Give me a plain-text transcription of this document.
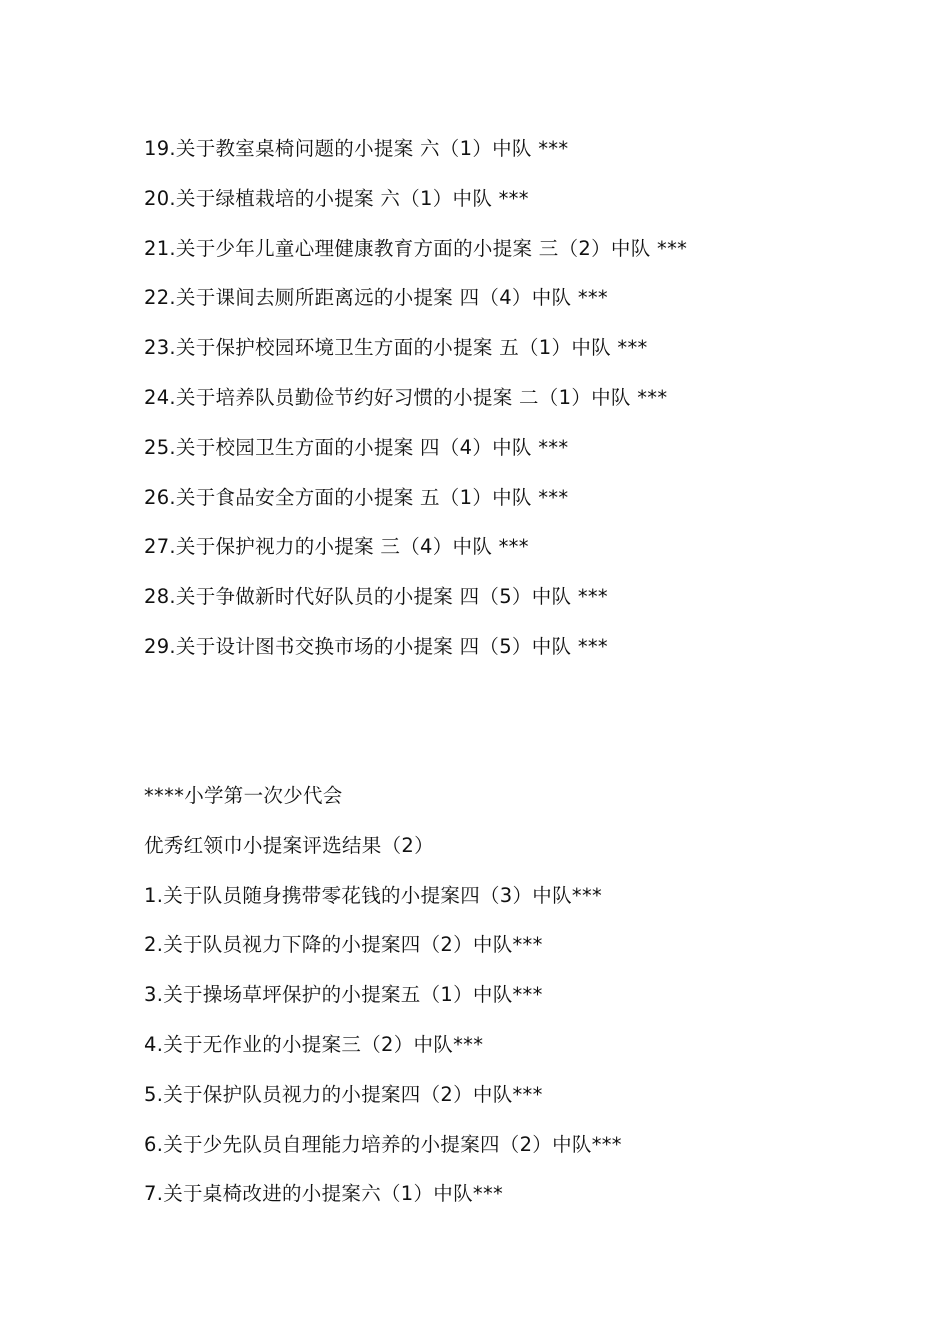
19.关于教室桌椅问题的小提案 六（1）中队 ***
20.关于绿植栽培的小提案 六（1）中队 ***
21.关于少年儿童心理健康教育方面的小提案 三（2）中队 ***
22.关于课间去厕所距离远的小提案 四（4）中队 ***
23.关于保护校园环境卫生方面的小提案 五（1）中队 ***
24.关于培养队员勤俭节约好习惯的小提案 二（1）中队 ***
25.关于校园卫生方面的小提案 四（4）中队 ***
26.关于食品安全方面的小提案 五（1）中队 ***
27.关于保护视力的小提案 三（4）中队 ***
28.关于争做新时代好队员的小提案 四（5）中队 ***
29.关于设计图书交换市场的小提案 四（5）中队 ***
****小学第一次少代会
优秀红领巾小提案评选结果（2）
1.关于队员随身携带零花钱的小提案四（3）中队***
2.关于队员视力下降的小提案四（2）中队***
3.关于操场草坪保护的小提案五（1）中队***
4.关于无作业的小提案三（2）中队***
5.关于保护队员视力的小提案四（2）中队***
6.关于少先队员自理能力培养的小提案四（2）中队***
7.关于桌椅改进的小提案六（1）中队***
